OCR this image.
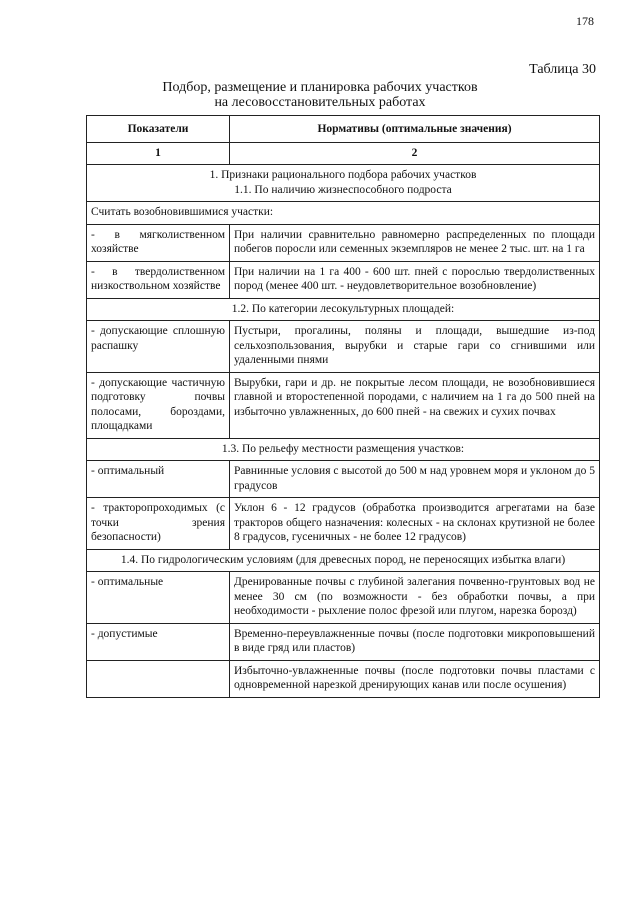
178
Таблица 30
Подбор, размещение и планировка рабочих участков
на лесовосстановительных работах
Показатели	Нормативы (оптимальные значения)
1	2

1. Признаки рационального подбора рабочих участков
1.1. По наличию жизнеспособного подроста	

Считать возобновившимися участки:	
- в мягколиственном хозяйстве	При наличии сравнительно равномерно распределенных по площади побегов поросли или семенных экземпляров не менее 2 тыс. шт. на 1 га
- в твердолиственном низкоствольном хозяйстве	При наличии на 1 га 400 - 600 шт. пней с порослью твердолиственных пород (менее 400 шт. - неудовлетворительное возобновление)
1.2. По категории лесокультурных площадей:	
- допускающие сплошную распашку	Пустыри, прогалины, поляны и площади, вышедшие из-под сельхозпользования, вырубки и старые гари со сгнившими или удаленными пнями
- допускающие частичную подготовку почвы полосами, бороздами, площадками	Вырубки, гари и др. не покрытые лесом площади, не возобновившиеся главной и второстепенной породами, с наличием на 1 га до 500 пней на избыточно увлажненных, до 600 пней - на свежих и сухих почвах
1.3. По рельефу местности размещения участков:	
- оптимальный	Равнинные условия с высотой до 500 м над уровнем моря и уклоном до 5 градусов
- тракторопроходимых (с точки зрения безопасности)	Уклон 6 - 12 градусов (обработка производится агрегатами на базе тракторов общего назначения: колесных - на склонах крутизной не более 8 градусов, гусеничных - не более 12 градусов)
1.4. По гидрологическим условиям (для древесных пород, не переносящих избытка влаги)	
- оптимальные	Дренированные почвы с глубиной залегания почвенно-грунтовых вод не менее 30 см (по возможности - без обработки почвы, а при необходимости - рыхление полос фрезой или плугом, нарезка борозд)
- допустимые	Временно-переувлажненные почвы (после подготовки микроповышений в виде гряд или пластов)
	Избыточно-увлажненные почвы (после подготовки почвы пластами с одновременной нарезкой дренирующих канав или после осушения)
